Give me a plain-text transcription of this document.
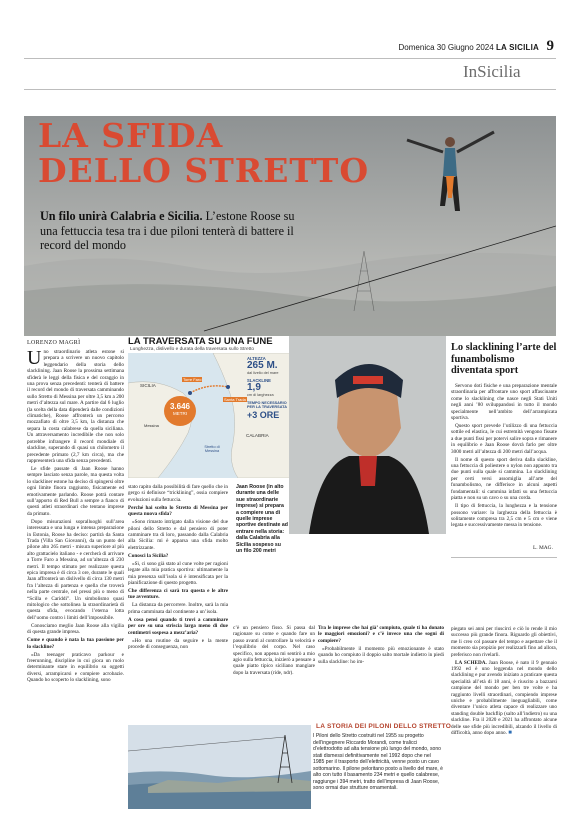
Domenica 30 Giugno 2024 LA SICILIA 9
InSicilia
LA SFIDA
DELLO STRETTO
Un filo unirà Calabria e Sicilia. L’estone Roose su una fettuccia tesa tra i due piloni tenterà di battere il record del mondo
LORENZO MAGRÌ

Uno straordinario atleta estone si prepara a scrivere un nuovo capitolo leggendario della storia dello slacklining. Jaan Roose la prossima settimana sfiderà le leggi della fisica e del coraggio in una prova senza precedenti: tenterà di battere il record del mondo di traversata camminando sullo Stretto di Messina per oltre 3,5 km a 200 metri d’altezza sul mare. A partire dal 6 luglio (la scelta della data dipenderà dalle condizioni climatiche), Roose affronterà un percorso mozzafiato di oltre 3,5 km, la distanza che separa la costa calabrese da quella siciliana. Un attraversamento incredibile che non solo potrebbe infrangere il record mondiale di slackline, superando di quasi un chilometro il precedente primato (2,7 km circa), ma che rappresenterà una sfida senza precedenti.

Le sfide passate di Jaan Roose hanno sempre lasciato senza parole, ma questa volta lo slackliner estone ha deciso di spingersi oltre ogni limite finora raggiunto, fisicamente ed emotivamente parlando. Roose potrà contare sull’apporto di Red Bull a sempre a fianco di questi atleti straordinari che tentano imprese da primato.

Dopo misurazioni sopralluoghi sull’area interessata e una lunga e intensa preparazione in Estonia, Roose ha deciso: partirà da Santa Trada (Villa San Giovanni), da un punto del pilone alto 265 metri - misura superiore al più alto grattacielo italiano - e cercherà di arrivare a Torre Faro a Messina, ad un’altezza di 230 metri. Il tempo stimato per realizzare questa epica impresa è di circa 3 ore, durante le quali Jaan affronterà un dislivello di circa 130 metri fra l’altezza di partenza e quella che troverà nella parte centrale, nel pressi più o meno di “Scilla e Cariddi”. Un simbolismo quasi mitologico che sottolinea la straordinarietà di questa sfida, evocando l’eterna lotta dell’uomo contro i limiti dell’impossibile.

Conosciamo meglio Jaan Roose alla vigilia di questa grande impresa.

Come e quando è nata la tua passione per lo slackline?

«Da teenager praticavo parkour e freerunning, discipline in cui gioca un ruolo determinante stare in equilibrio su oggetti diversi, arrampicarsi e compiere acrobazie. Quando ho scoperto lo slacklining, sono

LA TRAVERSATA SU UNA FUNE
Lunghezza, dislivello e durata della traversata sullo Stretto
SICILIA
CALABRIA
Torre Faro
Santa Trada
Messina
Stretto di Messina
3.646
METRI
ALTEZZA
265 M.
dal livello del mare
SLACKLINE
1,9
cm di larghezza
TEMPO NECESSARIO PER LA TRAVERSATA
+3 ORE

stato rapito dalla possibilità di fare quello che in gergo si definisce “tricklining”, ossia compiere evoluzioni sulla fettuccia.

Perché hai scelto lo Stretto di Messina per questa nuova sfida?

«Sono rimasto intrigato dalla visione del due piloni dello Stretto e dal pensiero di poter camminare tra di loro, passando dalla Calabria alla Sicilia: mi è apparsa una sfida molto elettrizzante.

Conosci la Sicilia?

«Sì, ci sono già stato al cune volte per ragioni legate alla mia pratica sportiva: ultimamente la mia presenza sull’isola si è intensificata per la pianificazione di questo progetto.

Che differenza ci sarà tra questa e le altre tue avventure.

La distanza da percorrere. Inoltre, sarà la mia prima camminata dal continente a un’isola.

A cosa pensi quando ti trovi a camminare per ore su una striscia larga meno di due centimetri sospesa a mezz’aria?

«Ho una routine da seguire e la mente procede di conseguenza, non

Jaan Roose (in alto durante una delle sue straordinarie imprese) si prepara a compiere una di quelle imprese sportive destinate ad entrare nella storia: dalla Calabria alla Sicilia sospeso su un filo 200 metri

c’è un pensiero fisso. Si passa dal ragionare su come e quando fare un passo avanti al controllare la velocità e l’equilibrio del corpo. Nel caso specifico, non appena mi sentirò a mio agio sulla fettuccia, inizierò a pensare a quale piatto tipico siciliano mangiare dopo la traversata (ride, ndr).

Tra le imprese che hai già’ compiuto, quale ti ha donato le maggiori emozioni? e c’è invece una che sogni di compiere?

«Probabilmente il momento più emozionante è stato quando ho compiuto il doppio salto mortale indietro in piedi sulla slackline: ho im-

Lo slacklining l’arte del funambolismo diventata sport

Servono doti fisiche e una preparazione mentale straordinaria per affrontare uno sport affascinante come lo slacklining che nasce negli Stati Uniti negli anni ’80 sviluppandosi in tutto il mondo specialmente nell’ambito dell’arrampicata sportiva.

Questo sport prevede l’utilizzo di una fettuccia sottile ed elastica, le cui estremità vengono fissate a due punti fissi per potervi salire sopra e rimanere in equilibrio e Jaan Roose dovrà farlo per oltre 3000 metri all’altezza di 200 metri dall’acqua.

Il nome di questo sport deriva dalla slackline, una fettuccia di poliestere o nylon non appunto tra due punti sulla quale si cammina. Lo slacklining per certi versi assomiglia all’arte del funambolismo, ne differisce in alcuni aspetti fondamentali: si cammina infatti su una fettuccia piatta e non su un cavo o su una corda.

Il tipo di fettuccia, la lunghezza e la tensione possono variare: la larghezza della fettuccia è solitamente compresa tra 2,5 cm e 5 cm e viene legata e successivamente messa in tensione.

L. MAG.

piegato sei anni per riuscirci e ciò lo rende il mio successo più grande finora. Riguardo gli obiettivi, me li creo col passare del tempo e aspettare che il momento sia propizio per realizzarli fino ad allora, preferisco non rivelarli.

LA SCHEDA. Jaan Roose, è nato il 9 gennaio 1992 ed è uno leggenda nel mondo dello slacklining e pur avendo iniziato a praticare questa specialità all’età di 18 anni, è riuscito a bazzarsi campione del mondo per ben tre volte e ha raggiunto livelli straordinari, compiendo imprese uniche e probabilmente ineguagliabili, come diventare l’unico atleta capace di realizzare uno standing double backflip (salto all’indietro) su una slackline. Fra il 2020 e 2021 ha affrontato alcune delle sue sfide più incredibili, alzando il livello di difficoltà, anno dopo anno. ■

LA STORIA DEI PILONI DELLO STRETTO
I Piloni dello Stretto costruiti nel 1955 su progetto dell’ingegnere Riccardo Morandi, come tralicci d’elettrodotto ad alta tensione più lungo del mondo, sono stati dismessi definitivamente nel 1992 dopo che nel 1985 per il trasporto dell’elettricità, venne posto un cavo sottomarino. Il pilone peloritano posto a livello del mare, è alto con tutto il basamento 234 metri e quello calabrese, raggiunge i 394 metri, tratto dell’impresa di Jaan Roose, sono ormai due strutture ornamentali.
